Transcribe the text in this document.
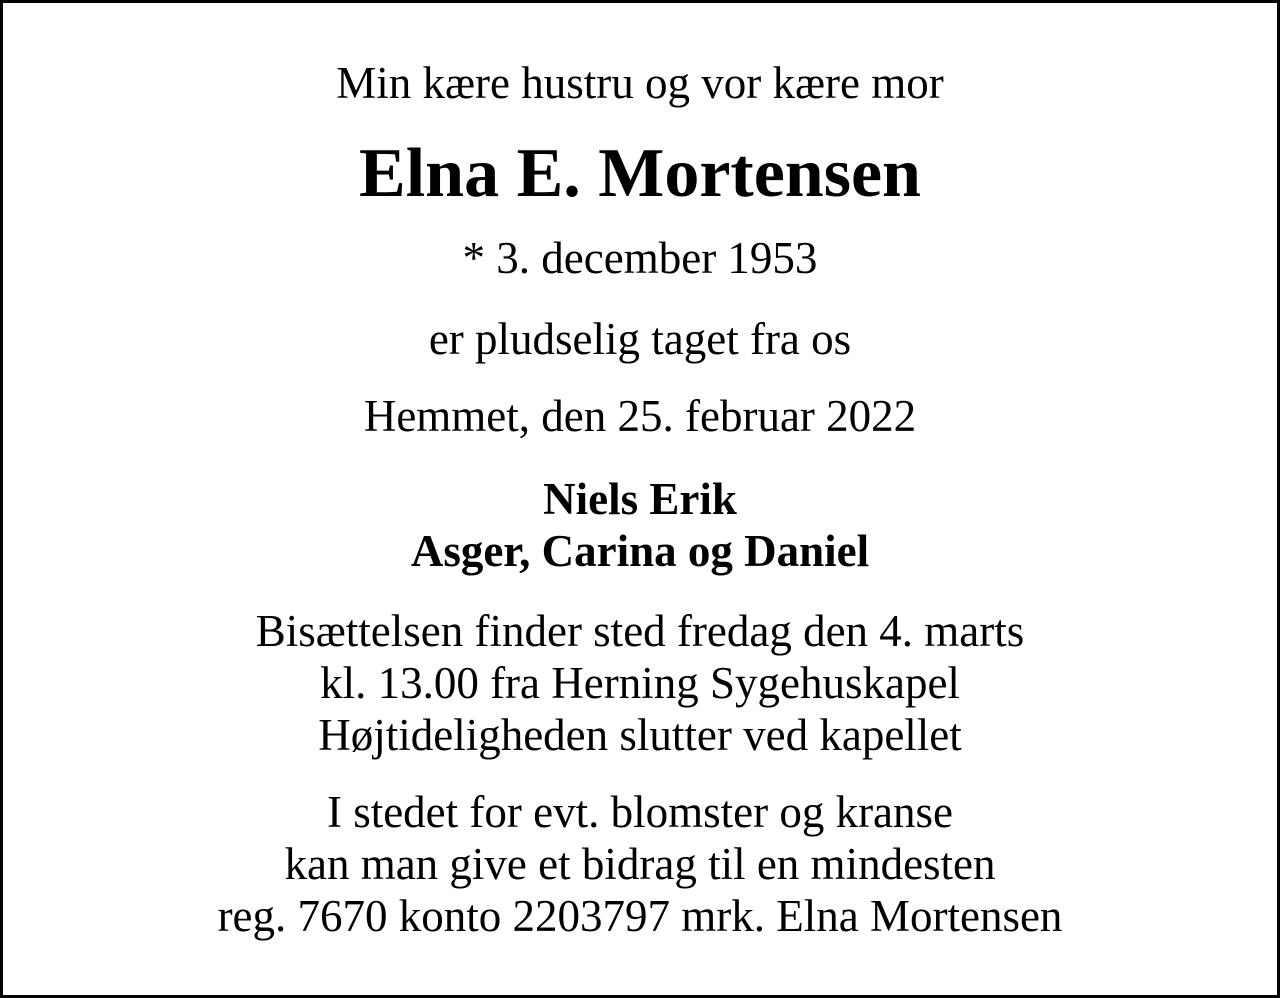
Min kære hustru og vor kære mor

Elna E. Mortensen

* 3. december 1953

er pludselig taget fra os

Hemmet, den 25. februar 2022

Niels Erik
Asger, Carina og Daniel
Bisættelsen finder sted fredag den 4. marts
kl. 13.00 fra Herning Sygehuskapel
Højtideligheden slutter ved kapellet
I stedet for evt. blomster og kranse
kan man give et bidrag til en mindesten
reg. 7670 konto 2203797 mrk. Elna Mortensen
